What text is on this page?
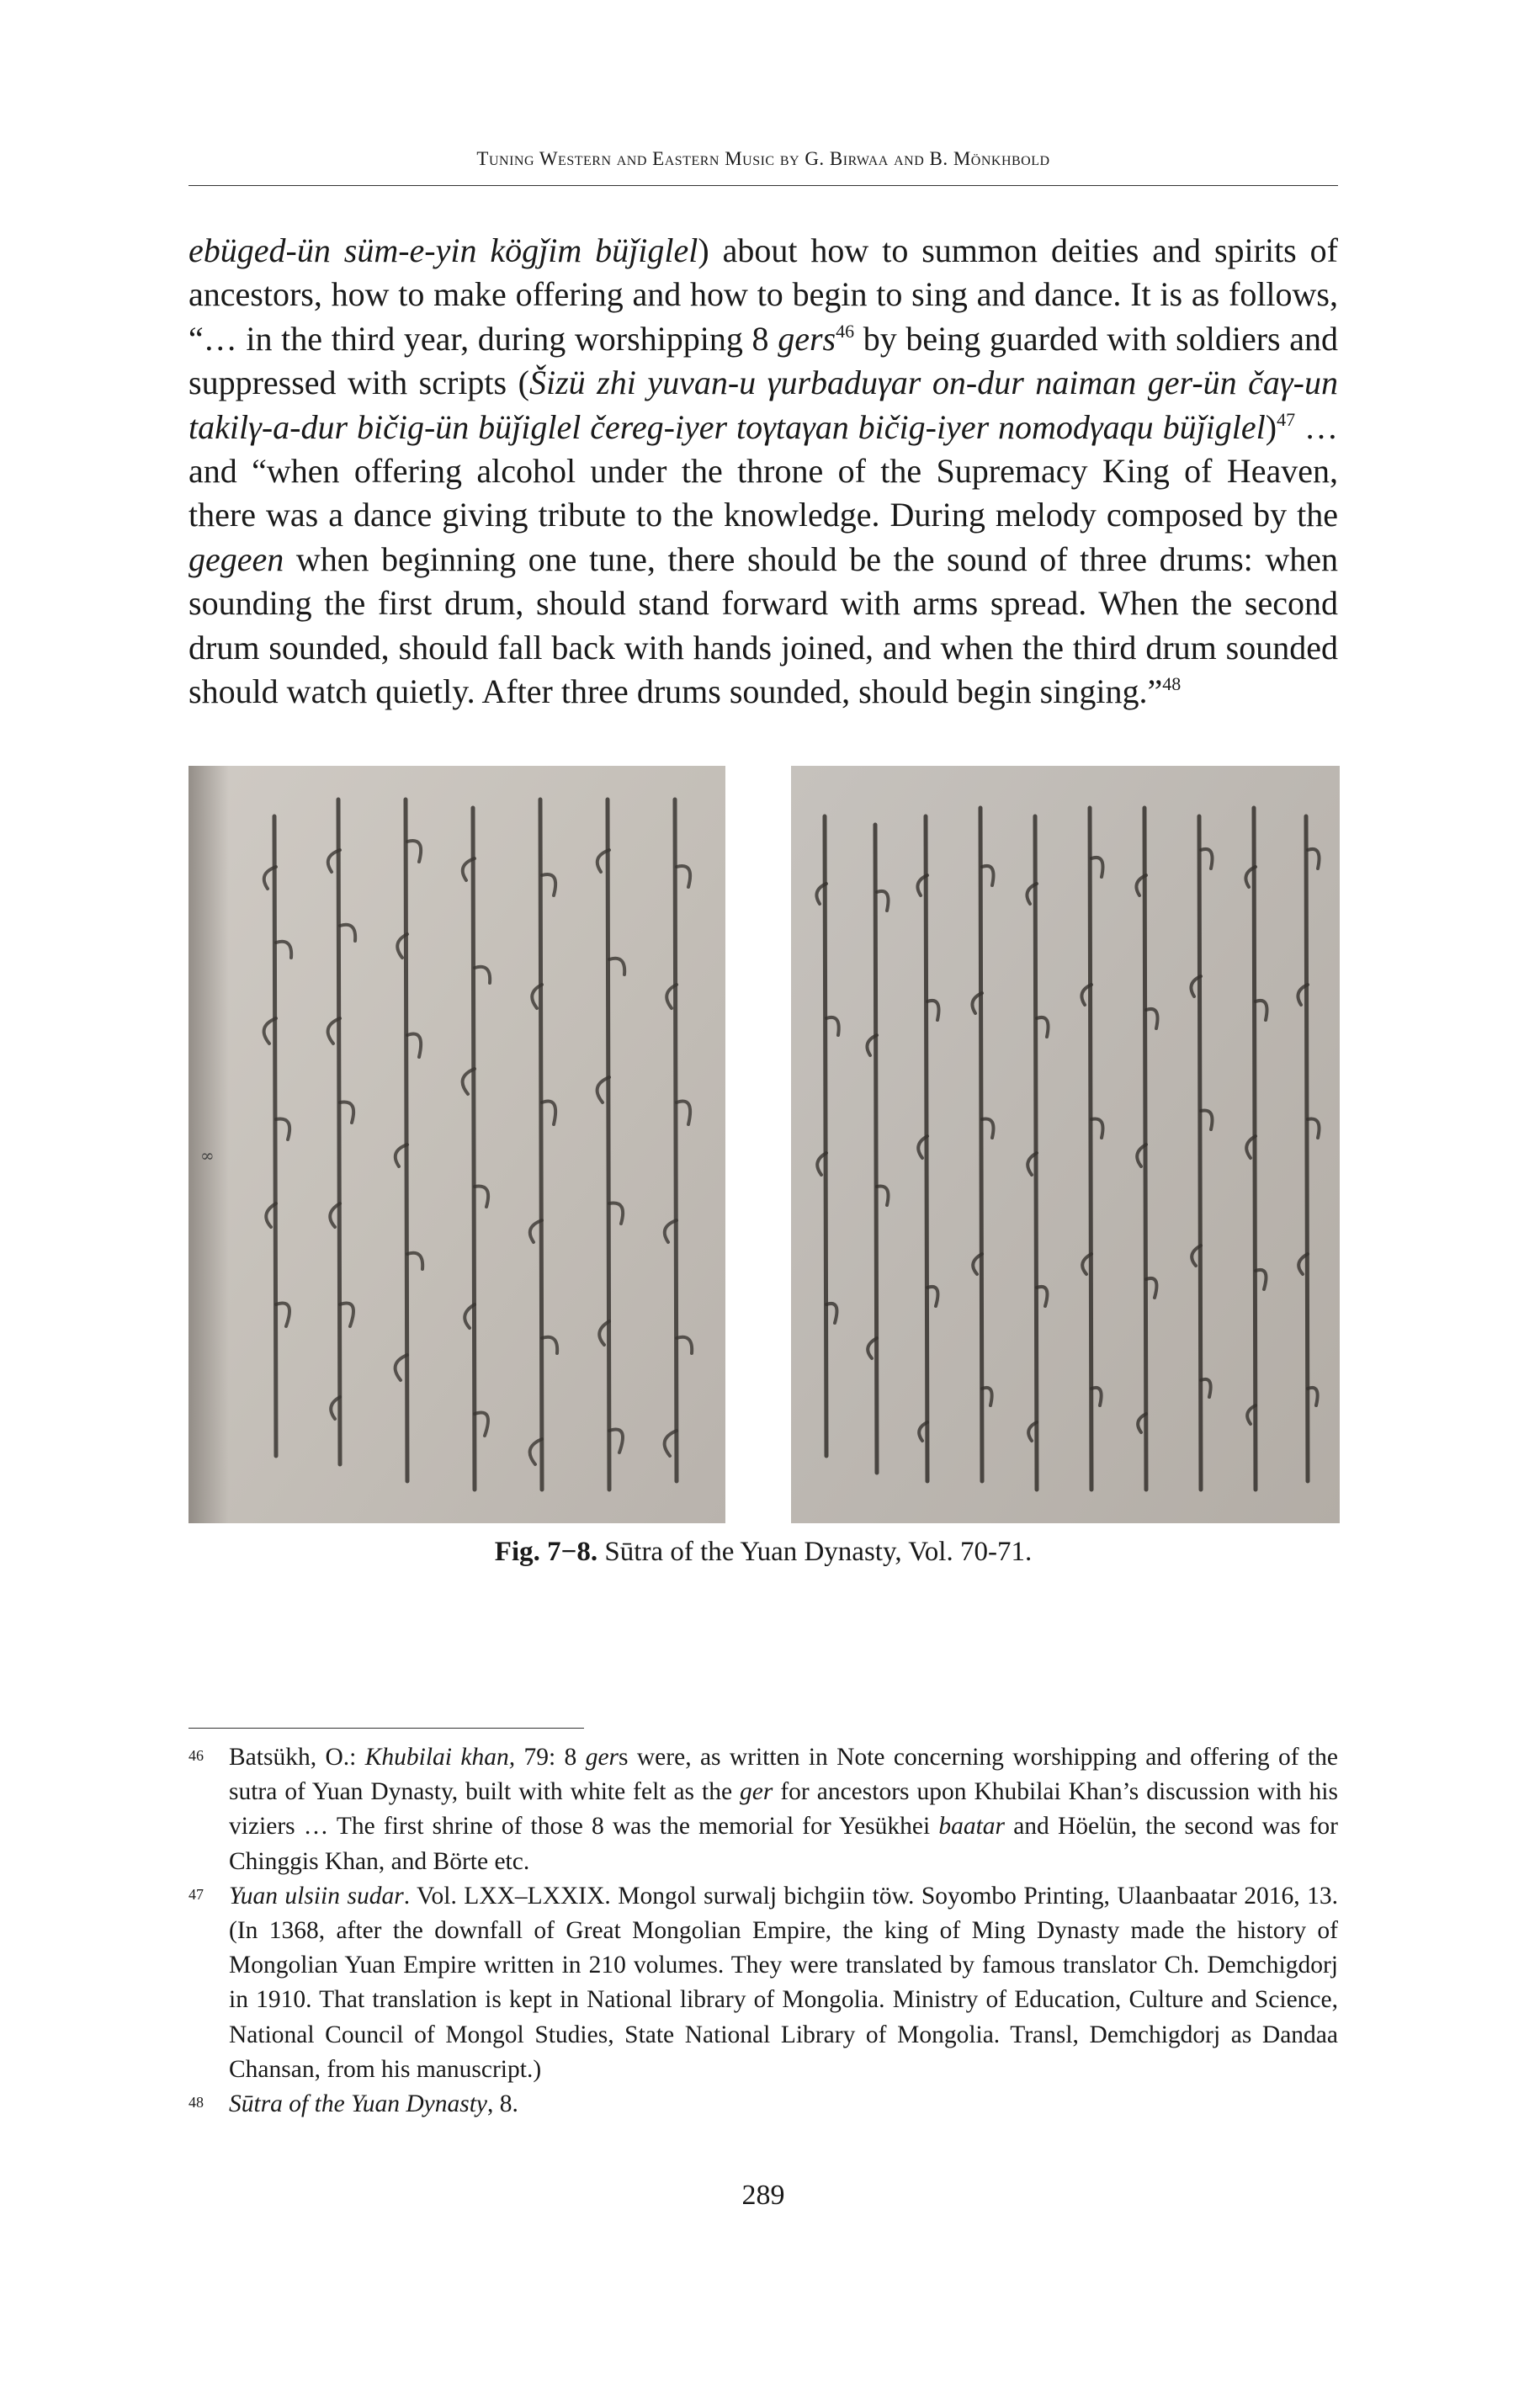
Tuning Western and Eastern Music by G. Birwaa and B. Mönkhbold

ebüged-ün süm-e-yin kögǰim büǰiglel) about how to summon deities and spirits of ancestors, how to make offering and how to begin to sing and dance. It is as follows, “… in the third year, during worshipping 8 gers$^{46}$ by being guarded with soldiers and suppressed with scripts (Šizü zhi yuvan-u γurbaduγar on-dur naiman ger-ün čaγ-un takilγ-a-dur bičig-ün büǰiglel čereg-iyer toγtaγan bičig-iyer nomodγaqu büǰiglel)$^{47}$ … and “when offering alcohol under the throne of the Supremacy King of Heaven, there was a dance giving tribute to the knowledge. During melody composed by the gegeen when beginning one tune, there should be the sound of three drums: when sounding the first drum, should stand forward with arms spread. When the second drum sounded, should fall back with hands joined, and when the third drum sounded should watch quietly. After three drums sounded, should begin singing.”$^{48}$

∞

Fig. 7−8. Sūtra of the Yuan Dynasty, Vol. 70-71.

46 Batsükh, O.: Khubilai khan, 79: 8 gers were, as written in Note concerning worshipping and offering of the sutra of Yuan Dynasty, built with white felt as the ger for ancestors upon Khubilai Khan’s discussion with his viziers … The first shrine of those 8 was the memorial for Yesükhei baatar and Höelün, the second was for Chinggis Khan, and Börte etc.

47 Yuan ulsiin sudar. Vol. LXX–LXXIX. Mongol surwalj bichgiin töw. Soyombo Printing, Ulaanbaatar 2016, 13. (In 1368, after the downfall of Great Mongolian Empire, the king of Ming Dynasty made the history of Mongolian Yuan Empire written in 210 volumes. They were translated by famous translator Ch. Demchigdorj in 1910. That translation is kept in National library of Mongolia. Ministry of Education, Culture and Science, National Council of Mongol Studies, State National Library of Mongolia. Transl, Demchigdorj as Dandaa Chansan, from his manuscript.)

48 Sūtra of the Yuan Dynasty, 8.

289
